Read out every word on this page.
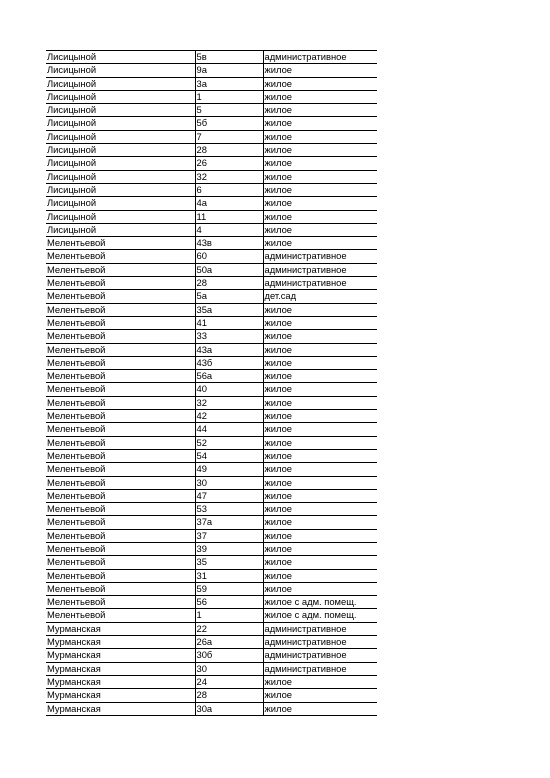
Лисицыной	5в	административное
Лисицыной	9а	жилое
Лисицыной	3а	жилое
Лисицыной	1	жилое
Лисицыной	5	жилое
Лисицыной	5б	жилое
Лисицыной	7	жилое
Лисицыной	28	жилое
Лисицыной	26	жилое
Лисицыной	32	жилое
Лисицыной	6	жилое
Лисицыной	4а	жилое
Лисицыной	11	жилое
Лисицыной	4	жилое
Мелентьевой	43в	жилое
Мелентьевой	60	административное
Мелентьевой	50а	административное
Мелентьевой	28	административное
Мелентьевой	5а	дет.сад
Мелентьевой	35а	жилое
Мелентьевой	41	жилое
Мелентьевой	33	жилое
Мелентьевой	43а	жилое
Мелентьевой	43б	жилое
Мелентьевой	56а	жилое
Мелентьевой	40	жилое
Мелентьевой	32	жилое
Мелентьевой	42	жилое
Мелентьевой	44	жилое
Мелентьевой	52	жилое
Мелентьевой	54	жилое
Мелентьевой	49	жилое
Мелентьевой	30	жилое
Мелентьевой	47	жилое
Мелентьевой	53	жилое
Мелентьевой	37а	жилое
Мелентьевой	37	жилое
Мелентьевой	39	жилое
Мелентьевой	35	жилое
Мелентьевой	31	жилое
Мелентьевой	59	жилое
Мелентьевой	56	жилое с адм. помещ.
Мелентьевой	1	жилое с адм. помещ.
Мурманская	22	административное
Мурманская	26а	административное
Мурманская	30б	административное
Мурманская	30	административное
Мурманская	24	жилое
Мурманская	28	жилое
Мурманская	30а	жилое
